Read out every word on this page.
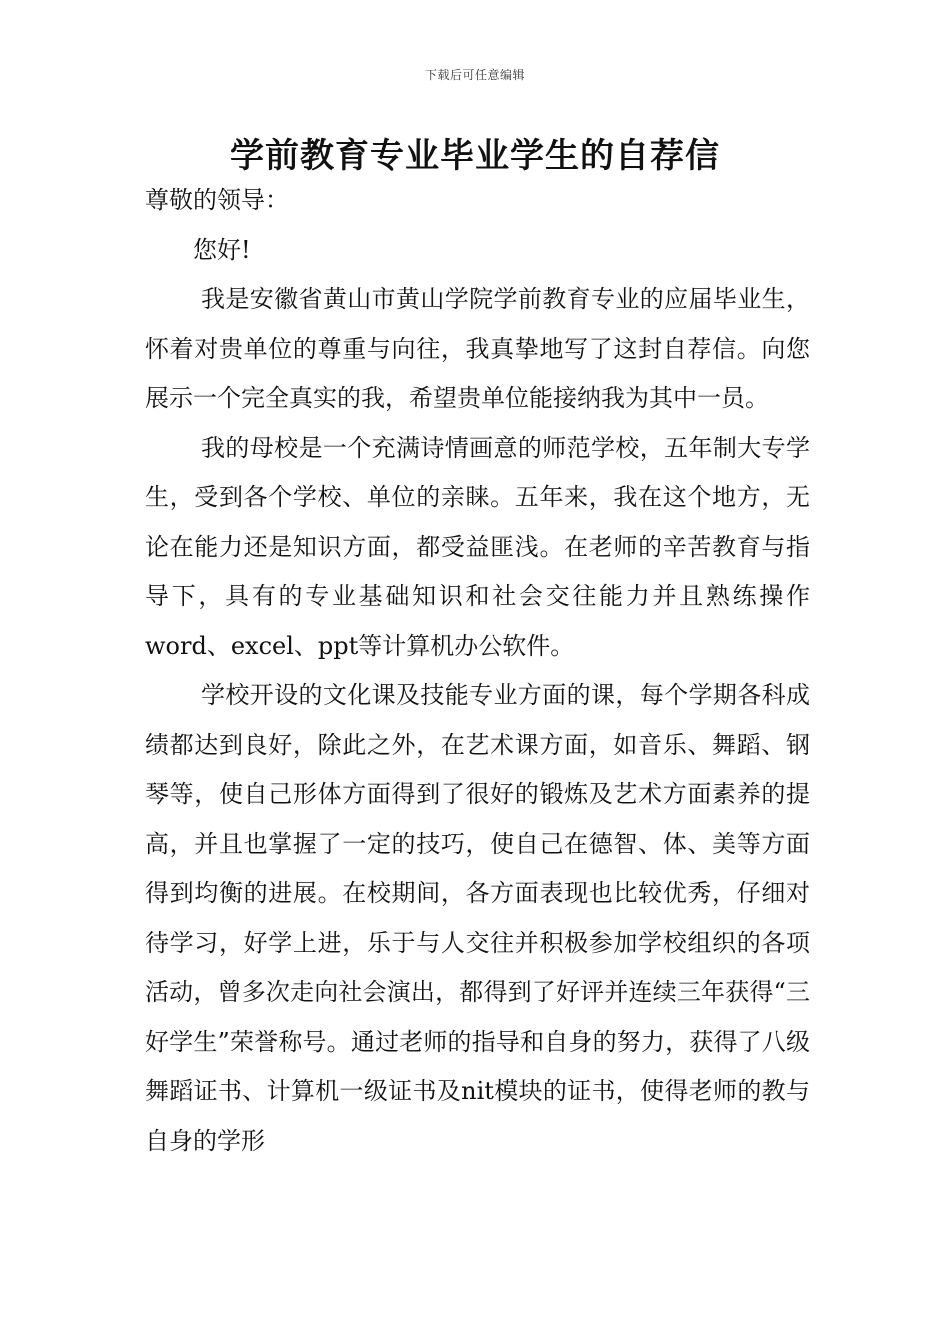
下载后可任意编辑
学前教育专业毕业学生的自荐信

尊敬的领导：

您好!

我是安徽省黄山市黄山学院学前教育专业的应届毕业生，怀着对贵单位的尊重与向往，我真挚地写了这封自荐信。向您展示一个完全真实的我，希望贵单位能接纳我为其中一员。

我的母校是一个充满诗情画意的师范学校，五年制大专学生，受到各个学校、单位的亲睐。五年来，我在这个地方，无论在能力还是知识方面，都受益匪浅。在老师的辛苦教育与指导下，具有的专业基础知识和社会交往能力并且熟练操作word、excel、ppt等计算机办公软件。

学校开设的文化课及技能专业方面的课，每个学期各科成绩都达到良好，除此之外，在艺术课方面，如音乐、舞蹈、钢琴等，使自己形体方面得到了很好的锻炼及艺术方面素养的提高，并且也掌握了一定的技巧，使自己在德智、体、美等方面得到均衡的进展。在校期间，各方面表现也比较优秀，仔细对待学习，好学上进，乐于与人交往并积极参加学校组织的各项活动，曾多次走向社会演出，都得到了好评并连续三年获得“三好学生”荣誉称号。通过老师的指导和自身的努力，获得了八级舞蹈证书、计算机一级证书及nit模块的证书，使得老师的教与自身的学形
